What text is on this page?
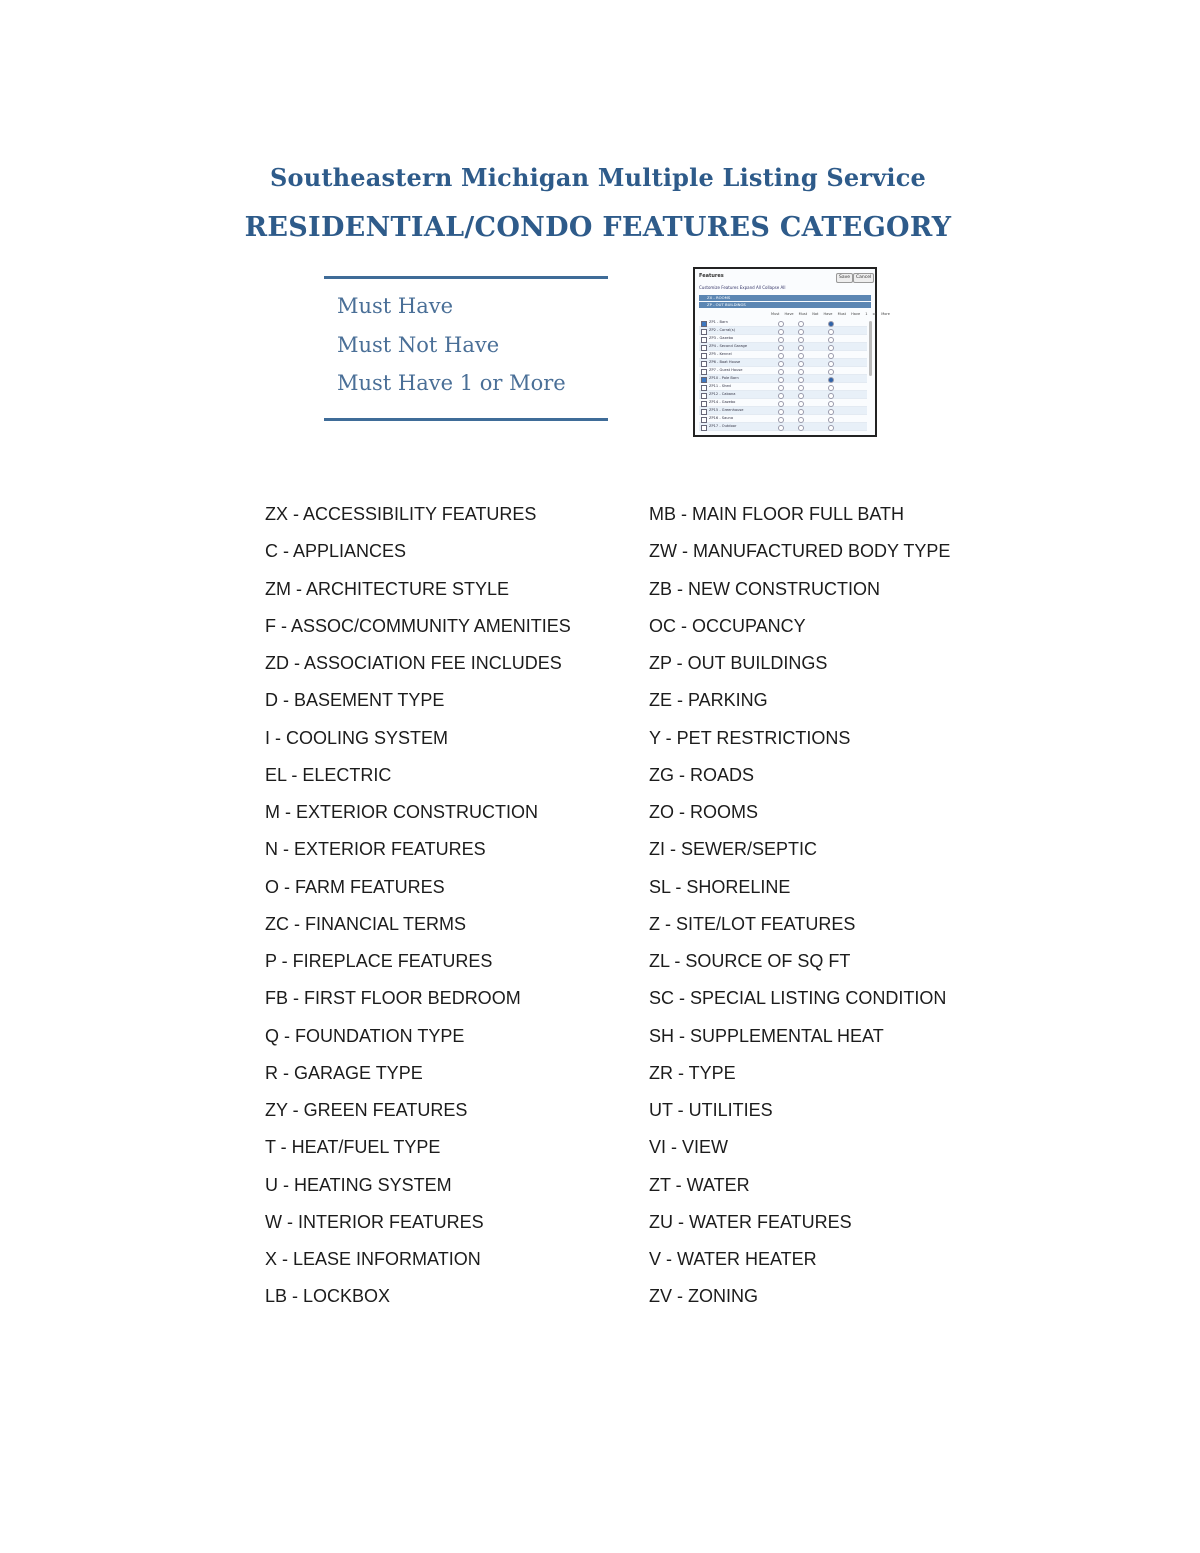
Southeastern Michigan Multiple Listing Service
RESIDENTIAL/CONDO FEATURES CATEGORY
Must Have
Must Not Have
Must Have 1 or More
Features	Save	Cancel
Customize Features Expand All Collapse All
ZX - ROOMS
ZP - OUT BUILDINGS
Must Have Must Not Have Must Have 1 or More
ZP1 - Barn
ZP2 - Corral(s)
ZP3 - Gazebo
ZP4 - Second Garage
ZP5 - Kennel
ZP6 - Boat House
ZP7 - Guest House
ZP10 - Pole Barn
ZP11 - Shed
ZP12 - Cabana
ZP14 - Gazebo
ZP15 - Greenhouse
ZP16 - Sauna
ZP17 - Outdoor
ZX - ACCESSIBILITY FEATURES
C - APPLIANCES
ZM - ARCHITECTURE STYLE
F - ASSOC/COMMUNITY AMENITIES
ZD - ASSOCIATION FEE INCLUDES
D - BASEMENT TYPE
I - COOLING SYSTEM
EL - ELECTRIC
M - EXTERIOR CONSTRUCTION
N - EXTERIOR FEATURES
O - FARM FEATURES
ZC - FINANCIAL TERMS
P - FIREPLACE FEATURES
FB - FIRST FLOOR BEDROOM
Q - FOUNDATION TYPE
R - GARAGE TYPE
ZY - GREEN FEATURES
T - HEAT/FUEL TYPE
U - HEATING SYSTEM
W - INTERIOR FEATURES
X - LEASE INFORMATION
LB - LOCKBOX
MB - MAIN FLOOR FULL BATH
ZW - MANUFACTURED BODY TYPE
ZB - NEW CONSTRUCTION
OC - OCCUPANCY
ZP - OUT BUILDINGS
ZE - PARKING
Y - PET RESTRICTIONS
ZG - ROADS
ZO - ROOMS
ZI - SEWER/SEPTIC
SL - SHORELINE
Z - SITE/LOT FEATURES
ZL - SOURCE OF SQ FT
SC - SPECIAL LISTING CONDITION
SH - SUPPLEMENTAL HEAT
ZR - TYPE
UT - UTILITIES
VI - VIEW
ZT - WATER
ZU - WATER FEATURES
V - WATER HEATER
ZV - ZONING
